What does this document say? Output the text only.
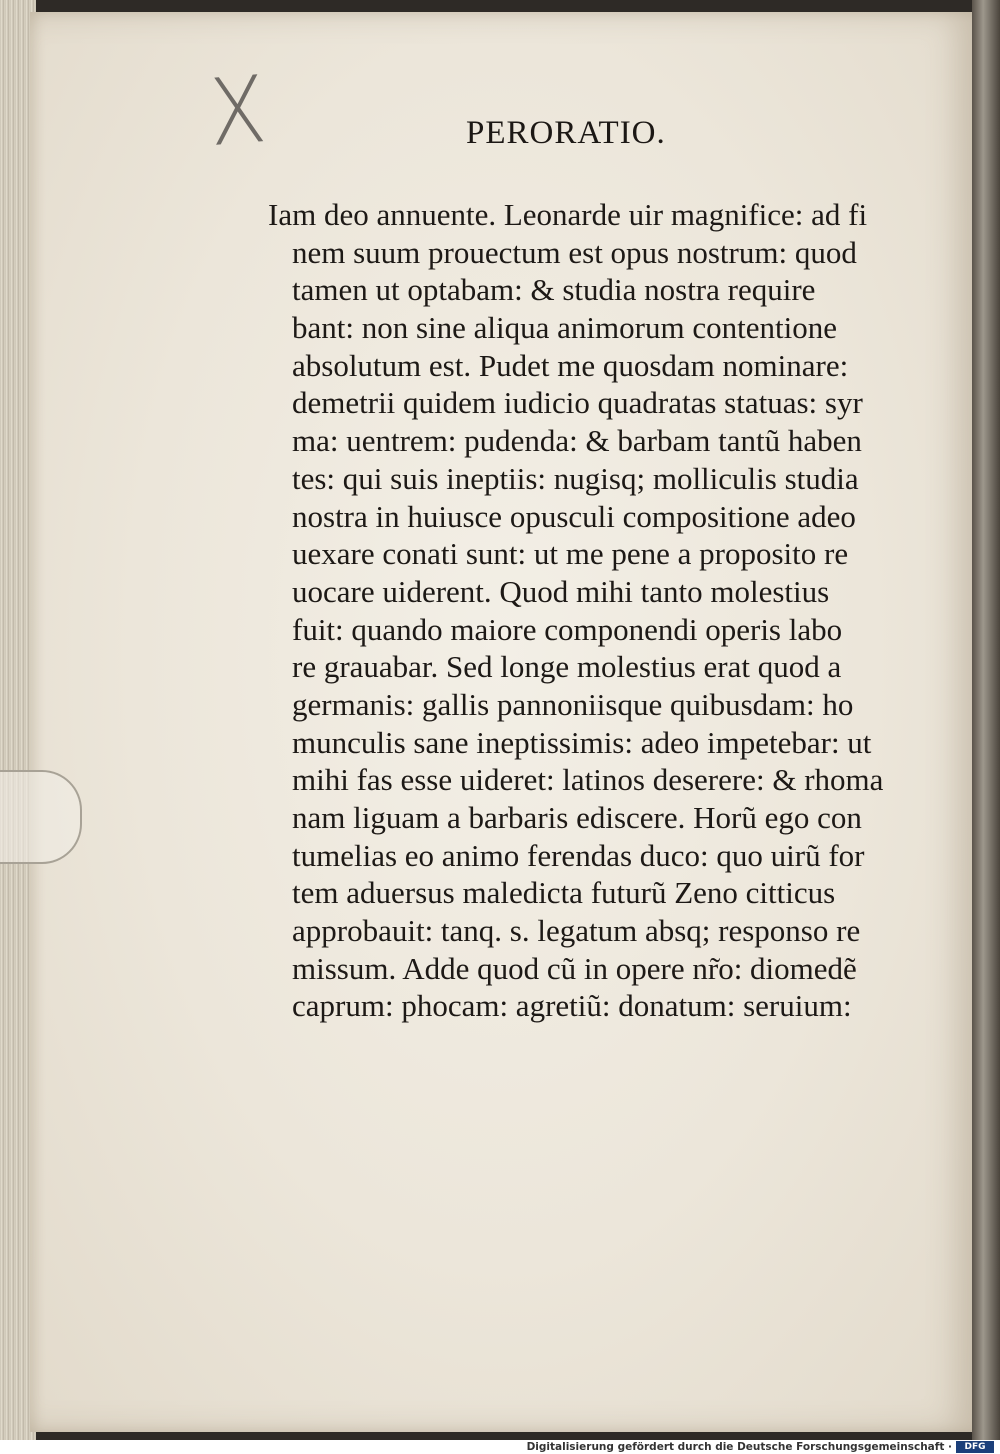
X	PERORATIO.
Iam deo annuente. Leonarde uir magnifice: ad fi
nem suum prouectum est opus nostrum: quod
tamen ut optabam: & studia nostra require
bant: non sine aliqua animorum contentione
absolutum est. Pudet me quosdam nominare:
demetrii quidem iudicio quadratas statuas: syr
ma: uentrem: pudenda: & barbam tantũ haben
tes: qui suis ineptiis: nugisq; molliculis studia
nostra in huiusce opusculi compositione adeo
uexare conati sunt: ut me pene a proposito re
uocare uiderent. Quod mihi tanto molestius
fuit: quando maiore componendi operis labo
re grauabar. Sed longe molestius erat quod a
germanis: gallis pannoniisque quibusdam: ho
munculis sane ineptissimis: adeo impetebar: ut
mihi fas esse uideret: latinos deserere: & rhoma
nam liguam a barbaris ediscere. Horũ ego con
tumelias eo animo ferendas duco: quo uirũ for
tem aduersus maledicta futurũ Zeno citticus
approbauit: tanq. s. legatum absq; responso re
missum. Adde quod cũ in opere nr̃o: diomedẽ
caprum: phocam: agretiũ: donatum: seruium:
Digitalisierung gefördert durch die Deutsche Forschungsgemeinschaft ·	DFG
